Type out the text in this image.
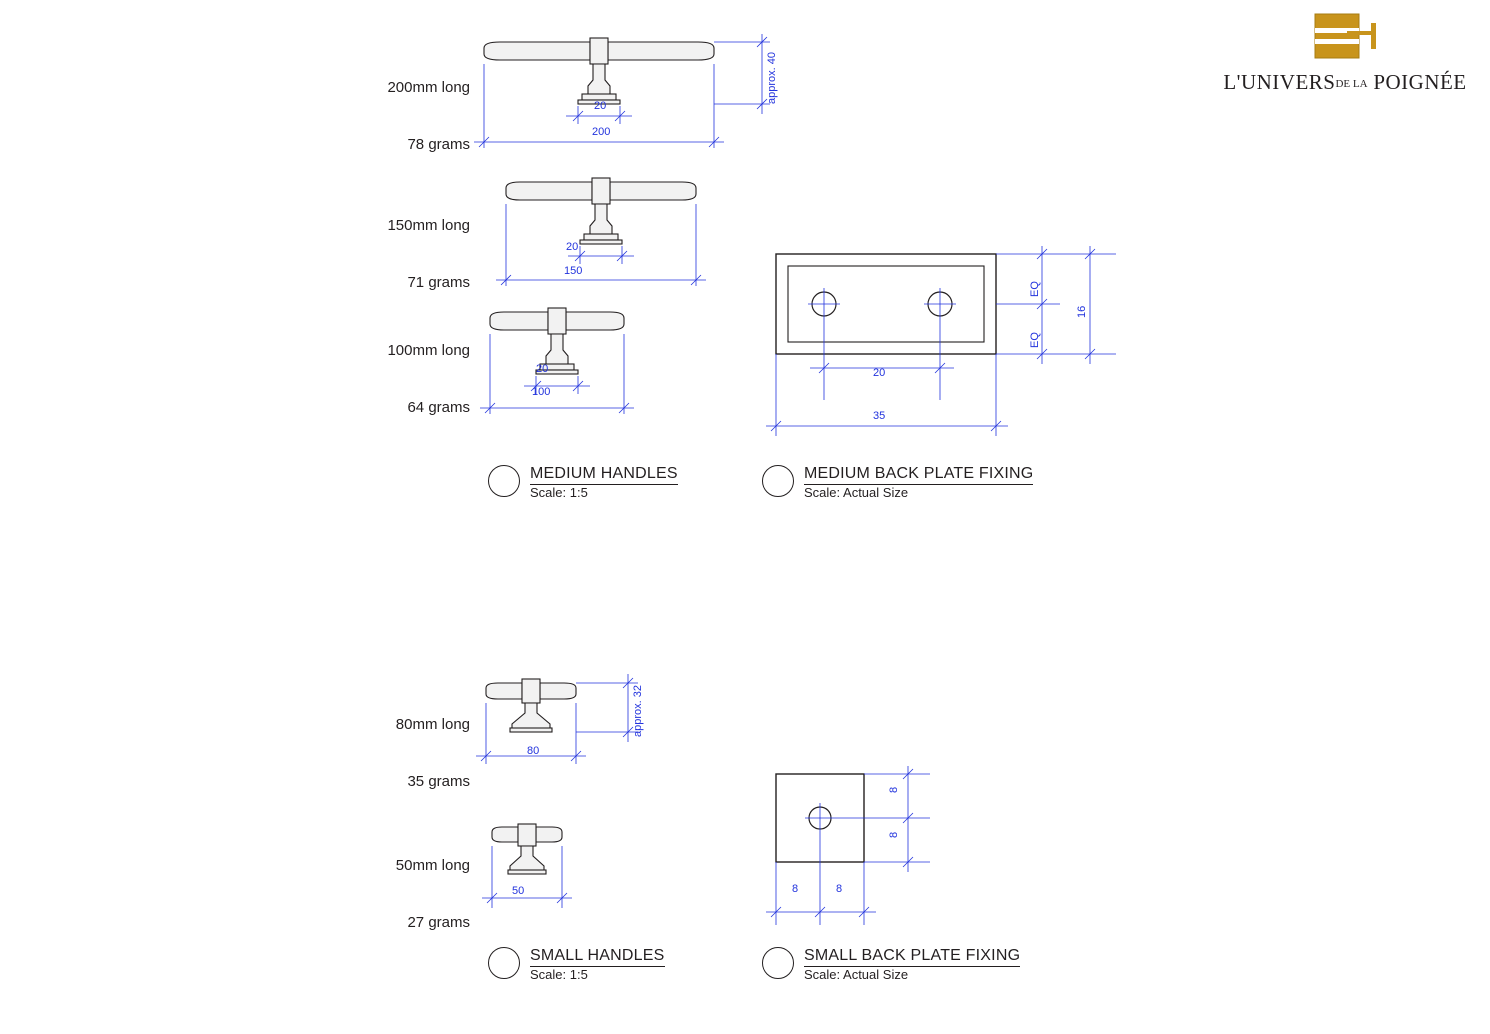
L'UNIVERSDE LA POIGNÉE

200mm long

78 grams

20
200
approx. 40

150mm long

71 grams

20
150

100mm long

64 grams

20
100
MEDIUM HANDLES
Scale: 1:5
20
35
16
EQ
EQ
MEDIUM BACK PLATE FIXING
Scale: Actual Size

80mm long

35 grams

80
approx. 32

50mm long

27 grams

50
SMALL HANDLES
Scale: 1:5
8
8
8	8
SMALL BACK PLATE FIXING
Scale: Actual Size
